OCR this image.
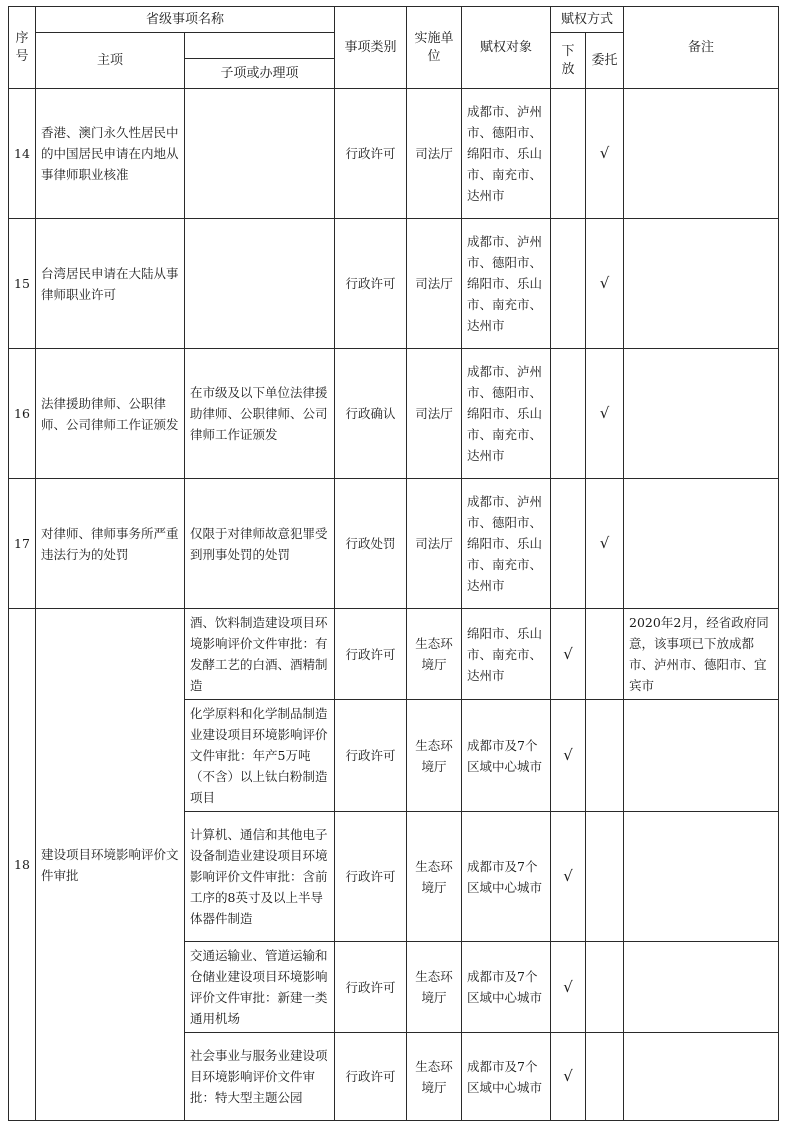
序号	省级事项名称		事项类别	实施单位	赋权对象	赋权方式		备注
	主项					下放	委托	
		子项或办理项						
14	香港、澳门永久性居民中的中国居民申请在内地从事律师职业核准		行政许可	司法厅	成都市、泸州市、德阳市、绵阳市、乐山市、南充市、达州市		√	
15	台湾居民申请在大陆从事律师职业许可		行政许可	司法厅	成都市、泸州市、德阳市、绵阳市、乐山市、南充市、达州市		√	
16	法律援助律师、公职律师、公司律师工作证颁发	在市级及以下单位法律援助律师、公职律师、公司律师工作证颁发	行政确认	司法厅	成都市、泸州市、德阳市、绵阳市、乐山市、南充市、达州市		√	
17	对律师、律师事务所严重违法行为的处罚	仅限于对律师故意犯罪受到刑事处罚的处罚	行政处罚	司法厅	成都市、泸州市、德阳市、绵阳市、乐山市、南充市、达州市		√	
18	建设项目环境影响评价文件审批	酒、饮料制造建设项目环境影响评价文件审批：有发酵工艺的白酒、酒精制造	行政许可	生态环境厅	绵阳市、乐山市、南充市、达州市	√		2020年2月，经省政府同意，该事项已下放成都市、泸州市、德阳市、宜宾市
		化学原料和化学制品制造业建设项目环境影响评价文件审批：年产5万吨（不含）以上钛白粉制造项目	行政许可	生态环境厅	成都市及7个区域中心城市	√		
		计算机、通信和其他电子设备制造业建设项目环境影响评价文件审批：含前工序的8英寸及以上半导体器件制造	行政许可	生态环境厅	成都市及7个区域中心城市	√		
		交通运输业、管道运输和仓储业建设项目环境影响评价文件审批：新建一类通用机场	行政许可	生态环境厅	成都市及7个区域中心城市	√		
		社会事业与服务业建设项目环境影响评价文件审批：特大型主题公园	行政许可	生态环境厅	成都市及7个区域中心城市	√		
